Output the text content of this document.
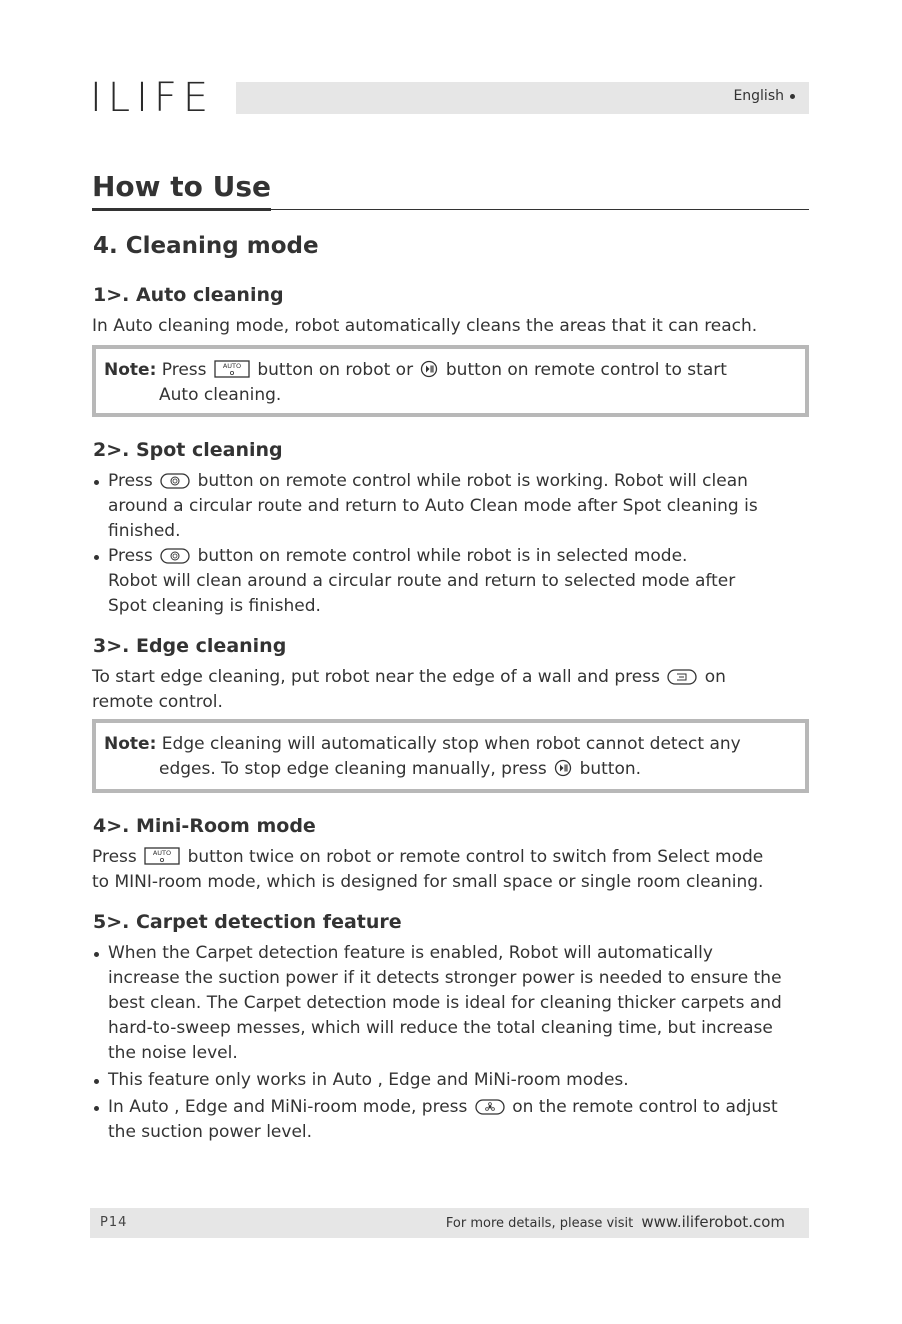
ILIFE	English
How to Use
4. Cleaning mode
1>. Auto cleaning
In Auto cleaning mode, robot automatically cleans the areas that it can reach.
Note: Press	AUTO button on robot or button on remote control to start
Auto cleaning.
2>. Spot cleaning
Press	button on remote control while robot is working. Robot will clean
around a circular route and return to Auto Clean mode after Spot cleaning is
finished.
Press	button on remote control while robot is in selected mode.
Robot will clean around a circular route and return to selected mode after
Spot cleaning is finished.
3>. Edge cleaning
To start edge cleaning, put robot near the edge of a wall and press	on
remote control.
Note: Edge cleaning will automatically stop when robot cannot detect any
edges. To stop edge cleaning manually, press button.
4>. Mini-Room mode
Press	AUTO button twice on robot or remote control to switch from Select mode
to MINI-room mode, which is designed for small space or single room cleaning.
5>. Carpet detection feature
When the Carpet detection feature is enabled, Robot will automatically
increase the suction power if it detects stronger power is needed to ensure the
best clean. The Carpet detection mode is ideal for cleaning thicker carpets and
hard-to-sweep messes, which will reduce the total cleaning time, but increase
the noise level.
This feature only works in Auto , Edge and MiNi-room modes.
In Auto , Edge and MiNi-room mode, press	on the remote control to adjust
the suction power level.
P14	For more details, please visit www.iliferobot.com
